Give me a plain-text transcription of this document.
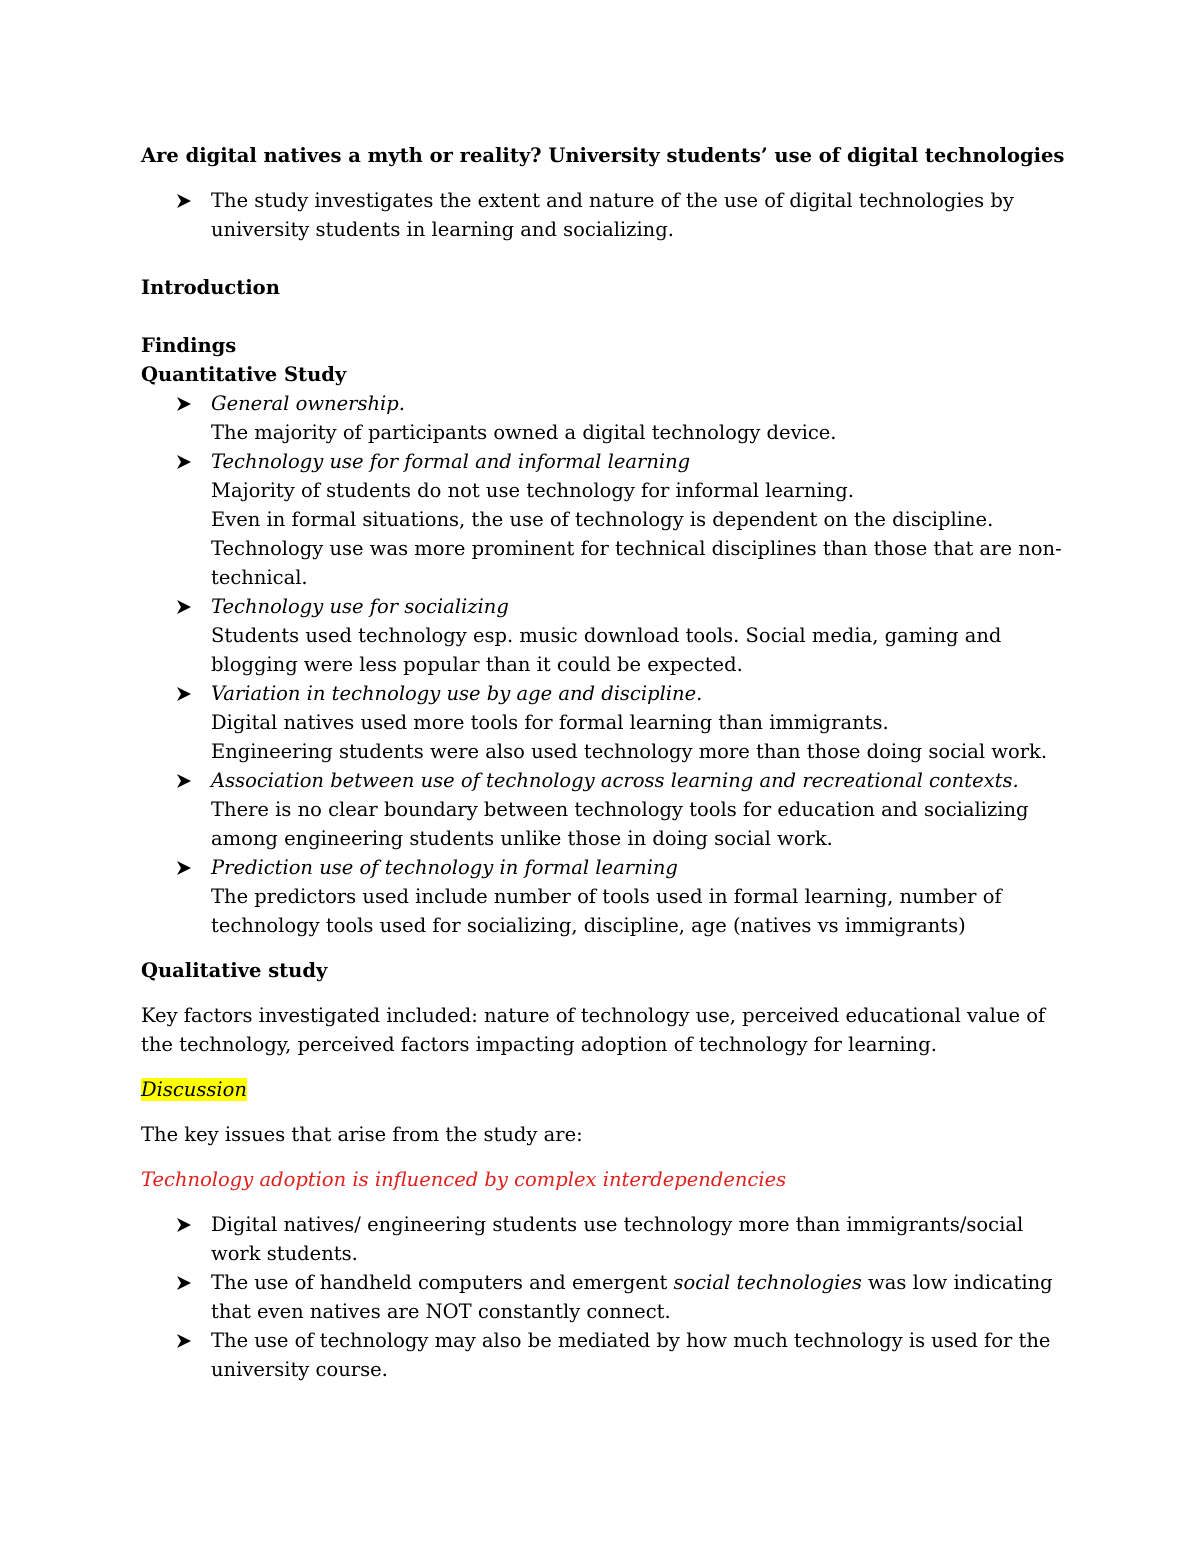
Are digital natives a myth or reality? University students’ use of digital technologies

The study investigates the extent and nature of the use of digital technologies by university students in learning and socializing.

Introduction

Findings

Quantitative Study

General ownership.
The majority of participants owned a digital technology device.
Technology use for formal and informal learning
Majority of students do not use technology for informal learning.
Even in formal situations, the use of technology is dependent on the discipline.
Technology use was more prominent for technical disciplines than those that are non-technical.
Technology use for socializing
Students used technology esp. music download tools. Social media, gaming and blogging were less popular than it could be expected.
Variation in technology use by age and discipline.
Digital natives used more tools for formal learning than immigrants.
Engineering students were also used technology more than those doing social work.
Association between use of technology across learning and recreational contexts.
There is no clear boundary between technology tools for education and socializing among engineering students unlike those in doing social work.
Prediction use of technology in formal learning
The predictors used include number of tools used in formal learning, number of technology tools used for socializing, discipline, age (natives vs immigrants)

Qualitative study

Key factors investigated included: nature of technology use, perceived educational value of the technology, perceived factors impacting adoption of technology for learning.

Discussion

The key issues that arise from the study are:

Technology adoption is influenced by complex interdependencies

Digital natives/ engineering students use technology more than immigrants/social work students.
The use of handheld computers and emergent social technologies was low indicating that even natives are NOT constantly connect.
The use of technology may also be mediated by how much technology is used for the university course.
